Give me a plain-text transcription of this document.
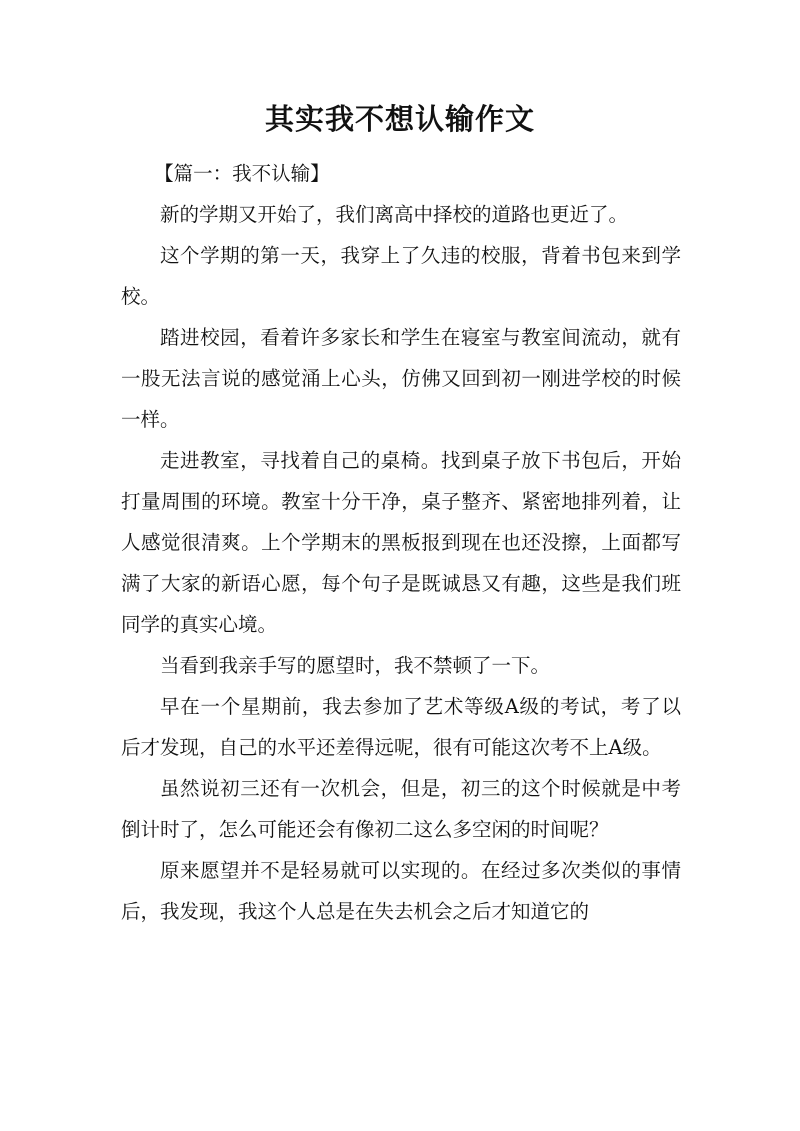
其实我不想认输作文

【篇一：我不认输】

新的学期又开始了，我们离高中择校的道路也更近了。

这个学期的第一天，我穿上了久违的校服，背着书包来到学校。

踏进校园，看着许多家长和学生在寝室与教室间流动，就有一股无法言说的感觉涌上心头，仿佛又回到初一刚进学校的时候一样。

走进教室，寻找着自己的桌椅。找到桌子放下书包后，开始打量周围的环境。教室十分干净，桌子整齐、紧密地排列着，让人感觉很清爽。上个学期末的黑板报到现在也还没擦，上面都写满了大家的新语心愿，每个句子是既诚恳又有趣，这些是我们班同学的真实心境。

当看到我亲手写的愿望时，我不禁顿了一下。

早在一个星期前，我去参加了艺术等级A级的考试，考了以后才发现，自己的水平还差得远呢，很有可能这次考不上A级。

虽然说初三还有一次机会，但是，初三的这个时候就是中考倒计时了，怎么可能还会有像初二这么多空闲的时间呢？

原来愿望并不是轻易就可以实现的。在经过多次类似的事情后，我发现，我这个人总是在失去机会之后才知道它的
